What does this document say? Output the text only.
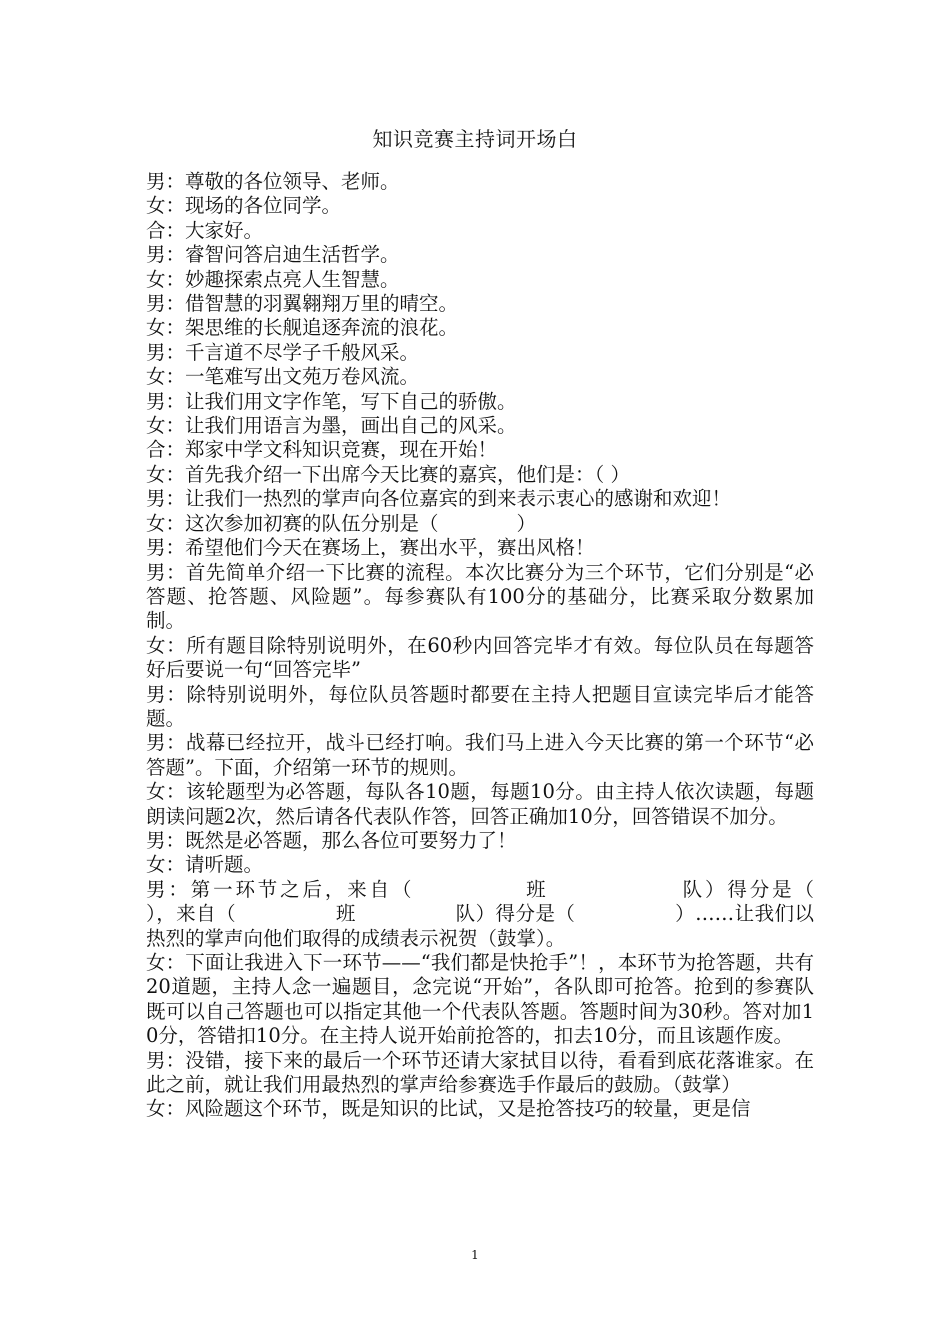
知识竞赛主持词开场白

男：尊敬的各位领导、老师。

女：现场的各位同学。

合：大家好。

男：睿智问答启迪生活哲学。

女：妙趣探索点亮人生智慧。

男：借智慧的羽翼翱翔万里的晴空。

女：架思维的长舰追逐奔流的浪花。

男：千言道不尽学子千般风采。

女：一笔难写出文苑万卷风流。

男：让我们用文字作笔，写下自己的骄傲。

女：让我们用语言为墨，画出自己的风采。

合：郑家中学文科知识竞赛，现在开始！

女：首先我介绍一下出席今天比赛的嘉宾，他们是：（ ）

男：让我们一热烈的掌声向各位嘉宾的到来表示衷心的感谢和欢迎！

女：这次参加初赛的队伍分别是（　　　　）

男：希望他们今天在赛场上，赛出水平，赛出风格！

男：首先简单介绍一下比赛的流程。本次比赛分为三个环节，它们分别是“必答题、抢答题、风险题”。每参赛队有100分的基础分，比赛采取分数累加制。

女：所有题目除特别说明外，在60秒内回答完毕才有效。每位队员在每题答好后要说一句“回答完毕”

男：除特别说明外，每位队员答题时都要在主持人把题目宣读完毕后才能答题。

男：战幕已经拉开，战斗已经打响。我们马上进入今天比赛的第一个环节“必答题”。下面，介绍第一环节的规则。

女：该轮题型为必答题，每队各10题，每题10分。由主持人依次读题，每题朗读问题2次，然后请各代表队作答，回答正确加10分，回答错误不加分。

男：既然是必答题，那么各位可要努力了！

女：请听题。

男：第一环节之后，来自（　　　　　班　　　　　　队）得分是（　　　），来自（　　　　　班　　　　　队）得分是（　　　　　）……让我们以热烈的掌声向他们取得的成绩表示祝贺（鼓掌）。

女：下面让我进入下一环节——“我们都是快抢手”！，本环节为抢答题，共有20道题，主持人念一遍题目，念完说“开始”，各队即可抢答。抢到的参赛队既可以自己答题也可以指定其他一个代表队答题。答题时间为30秒。答对加10分，答错扣10分。在主持人说开始前抢答的，扣去10分，而且该题作废。

男：没错，接下来的最后一个环节还请大家拭目以待，看看到底花落谁家。在此之前，就让我们用最热烈的掌声给参赛选手作最后的鼓励。（鼓掌）

女：风险题这个环节，既是知识的比试，又是抢答技巧的较量，更是信

1
